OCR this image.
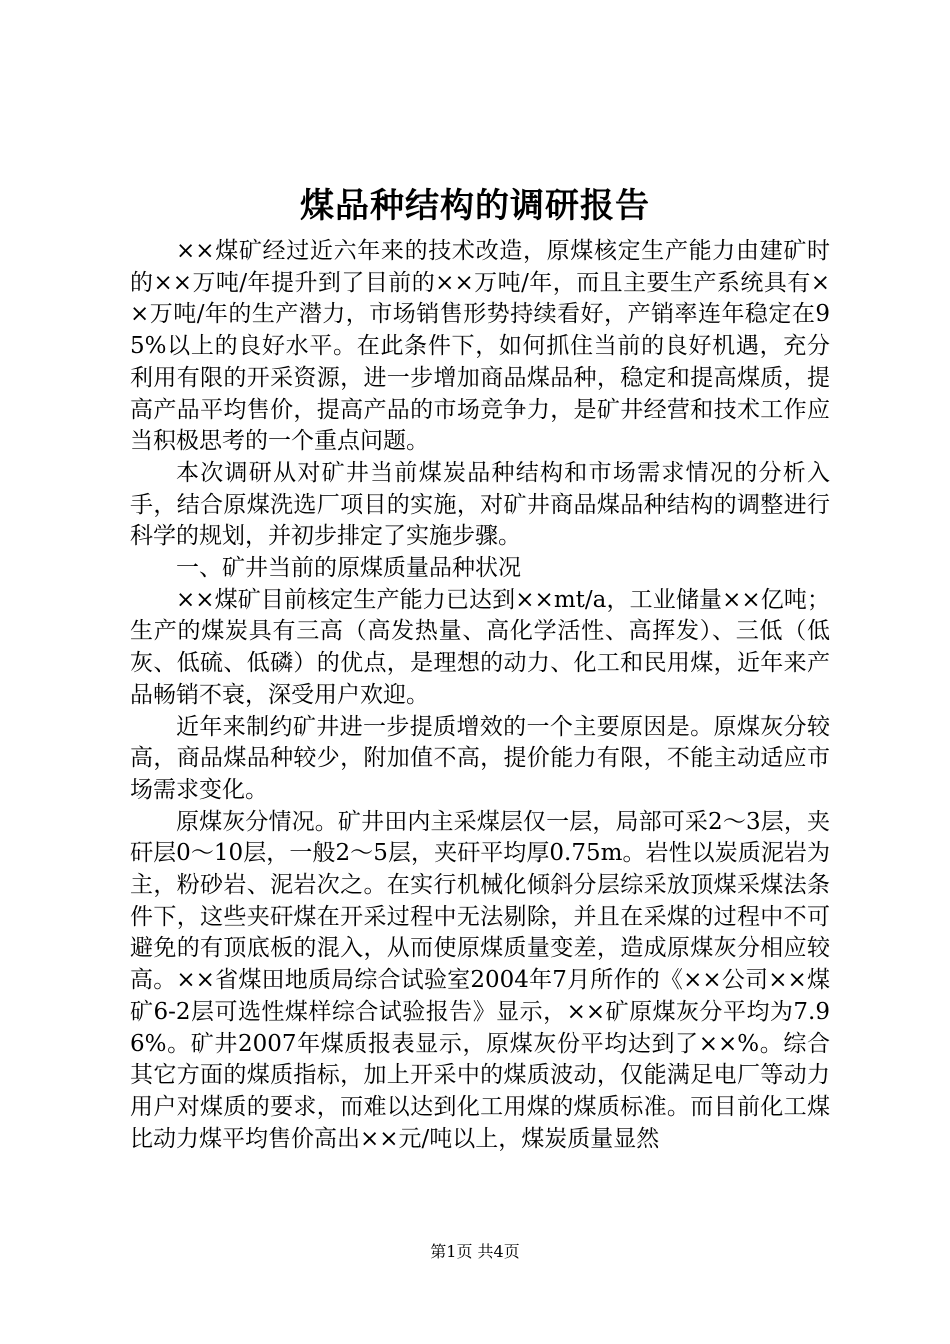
煤品种结构的调研报告

××煤矿经过近六年来的技术改造，原煤核定生产能力由建矿时的××万吨/年提升到了目前的××万吨/年，而且主要生产系统具有××万吨/年的生产潜力，市场销售形势持续看好，产销率连年稳定在95%以上的良好水平。在此条件下，如何抓住当前的良好机遇，充分利用有限的开采资源，进一步增加商品煤品种，稳定和提高煤质，提高产品平均售价，提高产品的市场竞争力，是矿井经营和技术工作应当积极思考的一个重点问题。

本次调研从对矿井当前煤炭品种结构和市场需求情况的分析入手，结合原煤洗选厂项目的实施，对矿井商品煤品种结构的调整进行科学的规划，并初步排定了实施步骤。

一、矿井当前的原煤质量品种状况

××煤矿目前核定生产能力已达到××mt/a，工业储量××亿吨；生产的煤炭具有三高（高发热量、高化学活性、高挥发）、三低（低灰、低硫、低磷）的优点，是理想的动力、化工和民用煤，近年来产品畅销不衰，深受用户欢迎。

近年来制约矿井进一步提质增效的一个主要原因是。原煤灰分较高，商品煤品种较少，附加值不高，提价能力有限，不能主动适应市场需求变化。

原煤灰分情况。矿井田内主采煤层仅一层，局部可采2～3层，夹矸层0～10层，一般2～5层，夹矸平均厚0.75m。岩性以炭质泥岩为主，粉砂岩、泥岩次之。在实行机械化倾斜分层综采放顶煤采煤法条件下，这些夹矸煤在开采过程中无法剔除，并且在采煤的过程中不可避免的有顶底板的混入，从而使原煤质量变差，造成原煤灰分相应较高。××省煤田地质局综合试验室2004年7月所作的《××公司××煤矿6-2层可选性煤样综合试验报告》显示，××矿原煤灰分平均为7.96%。矿井2007年煤质报表显示，原煤灰份平均达到了××%。综合其它方面的煤质指标，加上开采中的煤质波动，仅能满足电厂等动力用户对煤质的要求，而难以达到化工用煤的煤质标准。而目前化工煤比动力煤平均售价高出××元/吨以上，煤炭质量显然

第1页 共4页
